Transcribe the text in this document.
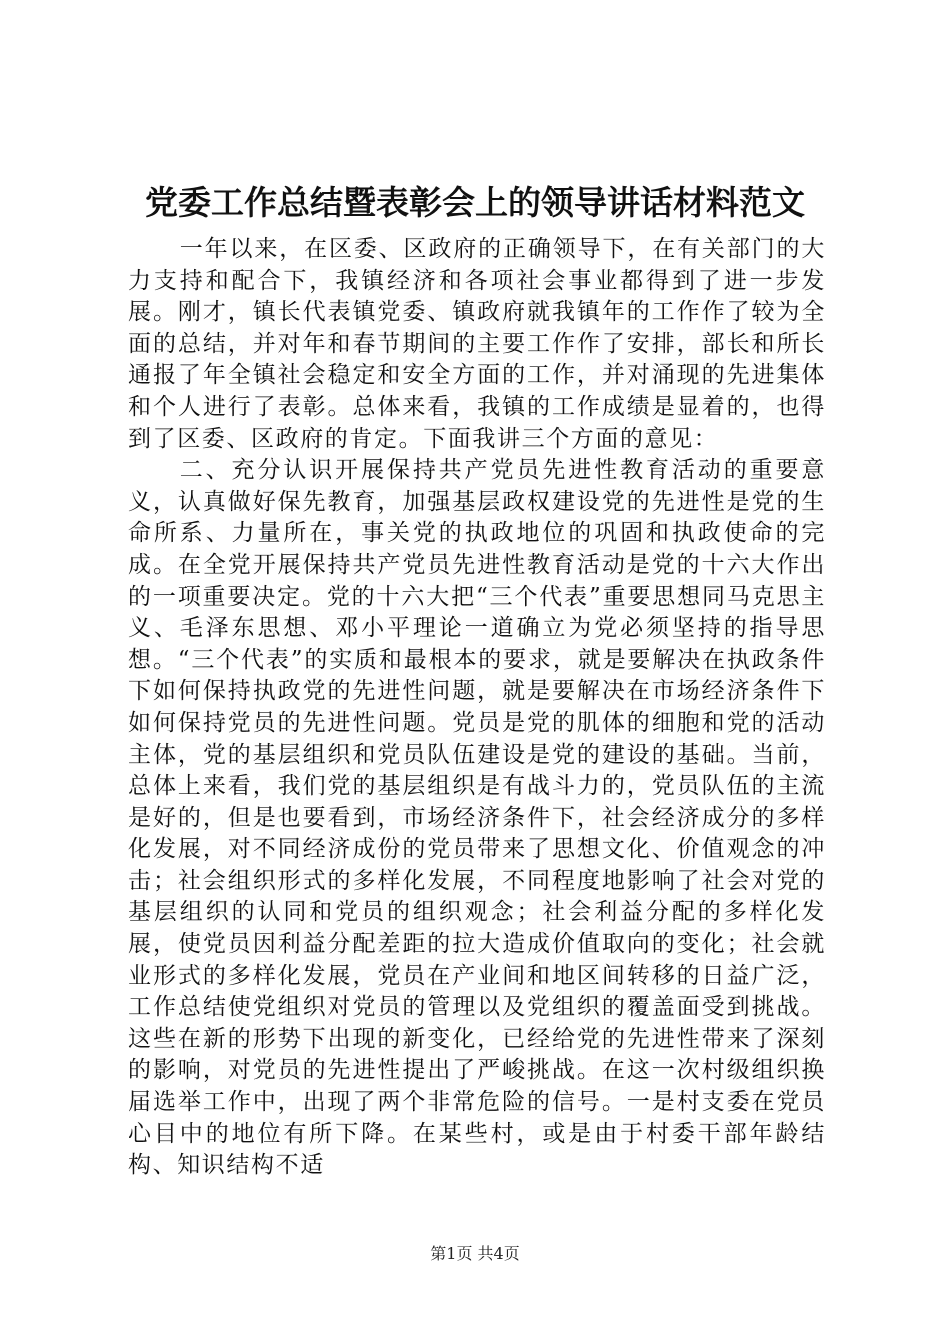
党委工作总结暨表彰会上的领导讲话材料范文

一年以来，在区委、区政府的正确领导下，在有关部门的大力支持和配合下，我镇经济和各项社会事业都得到了进一步发展。刚才，镇长代表镇党委、镇政府就我镇年的工作作了较为全面的总结，并对年和春节期间的主要工作作了安排，部长和所长通报了年全镇社会稳定和安全方面的工作，并对涌现的先进集体和个人进行了表彰。总体来看，我镇的工作成绩是显着的，也得到了区委、区政府的肯定。下面我讲三个方面的意见：

二、充分认识开展保持共产党员先进性教育活动的重要意义，认真做好保先教育，加强基层政权建设党的先进性是党的生命所系、力量所在，事关党的执政地位的巩固和执政使命的完成。在全党开展保持共产党员先进性教育活动是党的十六大作出的一项重要决定。党的十六大把“三个代表”重要思想同马克思主义、毛泽东思想、邓小平理论一道确立为党必须坚持的指导思想。“三个代表”的实质和最根本的要求，就是要解决在执政条件下如何保持执政党的先进性问题，就是要解决在市场经济条件下如何保持党员的先进性问题。党员是党的肌体的细胞和党的活动主体，党的基层组织和党员队伍建设是党的建设的基础。当前，总体上来看，我们党的基层组织是有战斗力的，党员队伍的主流是好的，但是也要看到，市场经济条件下，社会经济成分的多样化发展，对不同经济成份的党员带来了思想文化、价值观念的冲击；社会组织形式的多样化发展，不同程度地影响了社会对党的基层组织的认同和党员的组织观念；社会利益分配的多样化发展，使党员因利益分配差距的拉大造成价值取向的变化；社会就业形式的多样化发展，党员在产业间和地区间转移的日益广泛，工作总结使党组织对党员的管理以及党组织的覆盖面受到挑战。这些在新的形势下出现的新变化，已经给党的先进性带来了深刻的影响，对党员的先进性提出了严峻挑战。在这一次村级组织换届选举工作中，出现了两个非常危险的信号。一是村支委在党员心目中的地位有所下降。在某些村，或是由于村委干部年龄结构、知识结构不适

第1页 共4页
